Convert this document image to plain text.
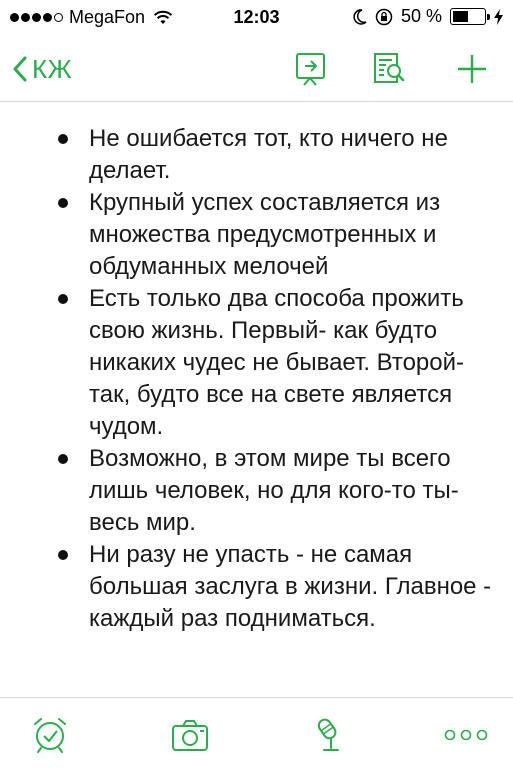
MegaFon	12:03	50 %
КЖ
Не ошибается тот, кто ничего не делает.
Крупный успех составляется из множества предусмотренных и обдуманных мелочей
Есть только два способа прожить свою жизнь. Первый- как будто никаких чудес не бывает. Второй-так, будто все на свете является чудом.
Возможно, в этом мире ты всего лишь человек, но для кого-то ты- весь мир.
Ни разу не упасть - не самая большая заслуга в жизни. Главное - каждый раз подниматься.
